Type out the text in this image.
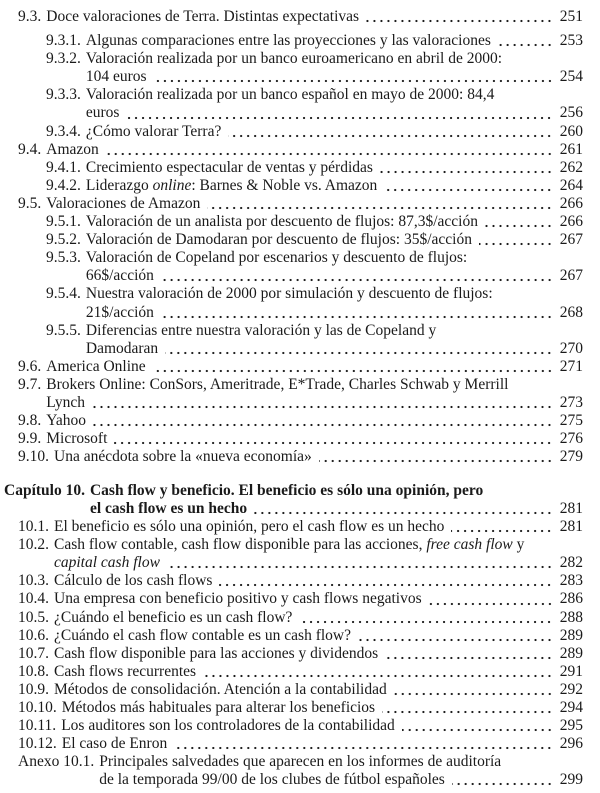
9.3. Doce valoraciones de Terra. Distintas expectativas	251
9.3.1. Algunas comparaciones entre las proyecciones y las valoraciones	253
9.3.2. Valoración realizada por un banco euroamericano en abril de 2000:
104 euros	254
9.3.3. Valoración realizada por un banco español en mayo de 2000: 84,4
euros	256
9.3.4. ¿Cómo valorar Terra?	260
9.4. Amazon	261
9.4.1. Crecimiento espectacular de ventas y pérdidas	262
9.4.2. Liderazgo online: Barnes & Noble vs. Amazon	264
9.5. Valoraciones de Amazon	266
9.5.1. Valoración de un analista por descuento de flujos: 87,3$/acción	266
9.5.2. Valoración de Damodaran por descuento de flujos: 35$/acción	267
9.5.3. Valoración de Copeland por escenarios y descuento de flujos:
66$/acción	267
9.5.4. Nuestra valoración de 2000 por simulación y descuento de flujos:
21$/acción	268
9.5.5. Diferencias entre nuestra valoración y las de Copeland y
Damodaran	270
9.6. America Online	271
9.7. Brokers Online: ConSors, Ameritrade, E*Trade, Charles Schwab y Merrill
Lynch	273
9.8. Yahoo	275
9.9. Microsoft	276
9.10. Una anécdota sobre la «nueva economía»	279
Capítulo 10. Cash flow y beneficio. El beneficio es sólo una opinión, pero
el cash flow es un hecho	281
10.1. El beneficio es sólo una opinión, pero el cash flow es un hecho	281
10.2. Cash flow contable, cash flow disponible para las acciones, free cash flow y
capital cash flow	282
10.3. Cálculo de los cash flows	283
10.4. Una empresa con beneficio positivo y cash flows negativos	286
10.5. ¿Cuándo el beneficio es un cash flow?	288
10.6. ¿Cuándo el cash flow contable es un cash flow?	289
10.7. Cash flow disponible para las acciones y dividendos	289
10.8. Cash flows recurrentes	291
10.9. Métodos de consolidación. Atención a la contabilidad	292
10.10. Métodos más habituales para alterar los beneficios	294
10.11. Los auditores son los controladores de la contabilidad	295
10.12. El caso de Enron	296
Anexo 10.1. Principales salvedades que aparecen en los informes de auditoría
de la temporada 99/00 de los clubes de fútbol españoles	299
